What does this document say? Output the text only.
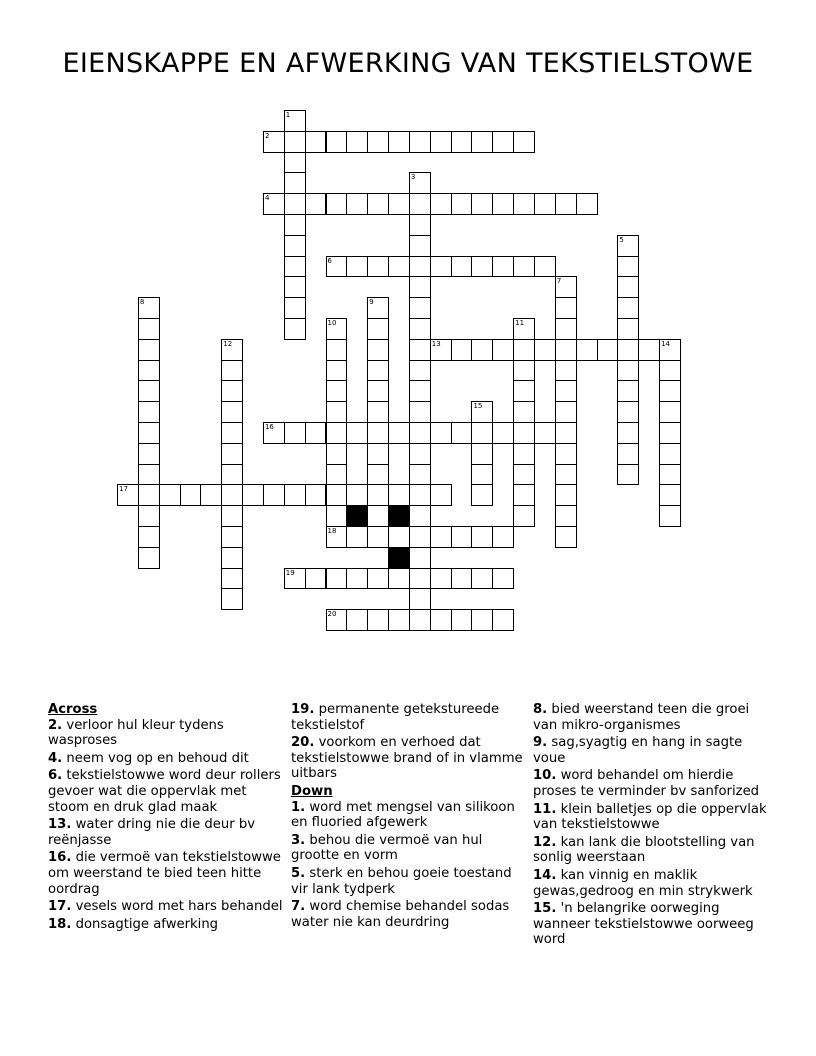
EIENSKAPPE EN AFWERKING VAN TEKSTIELSTOWE
2
4
6
13	14
16
17
18
19
20
1
3
5
7
8	9
10	11
12
15
Across
2. verloor hul kleur tydens wasproses
4. neem vog op en behoud dit
6. tekstielstowwe word deur rollers gevoer wat die oppervlak met stoom en druk glad maak
13. water dring nie die deur bv reënjasse
16. die vermoë van tekstielstowwe om weerstand te bied teen hitte oordrag
17. vesels word met hars behandel
18. donsagtige afwerking
19. permanente getekstureede tekstielstof
20. voorkom en verhoed dat tekstielstowwe brand of in vlamme uitbars
Down
1. word met mengsel van silikoon en fluoried afgewerk
3. behou die vermoë van hul grootte en vorm
5. sterk en behou goeie toestand vir lank tydperk
7. word chemise behandel sodas water nie kan deurdring
8. bied weerstand teen die groei van mikro-organismes
9. sag,syagtig en hang in sagte voue
10. word behandel om hierdie proses te verminder bv sanforized
11. klein balletjes op die oppervlak van tekstielstowwe
12. kan lank die blootstelling van sonlig weerstaan
14. kan vinnig en maklik gewas,gedroog en min strykwerk
15. 'n belangrike oorweging wanneer tekstielstowwe oorweeg word
